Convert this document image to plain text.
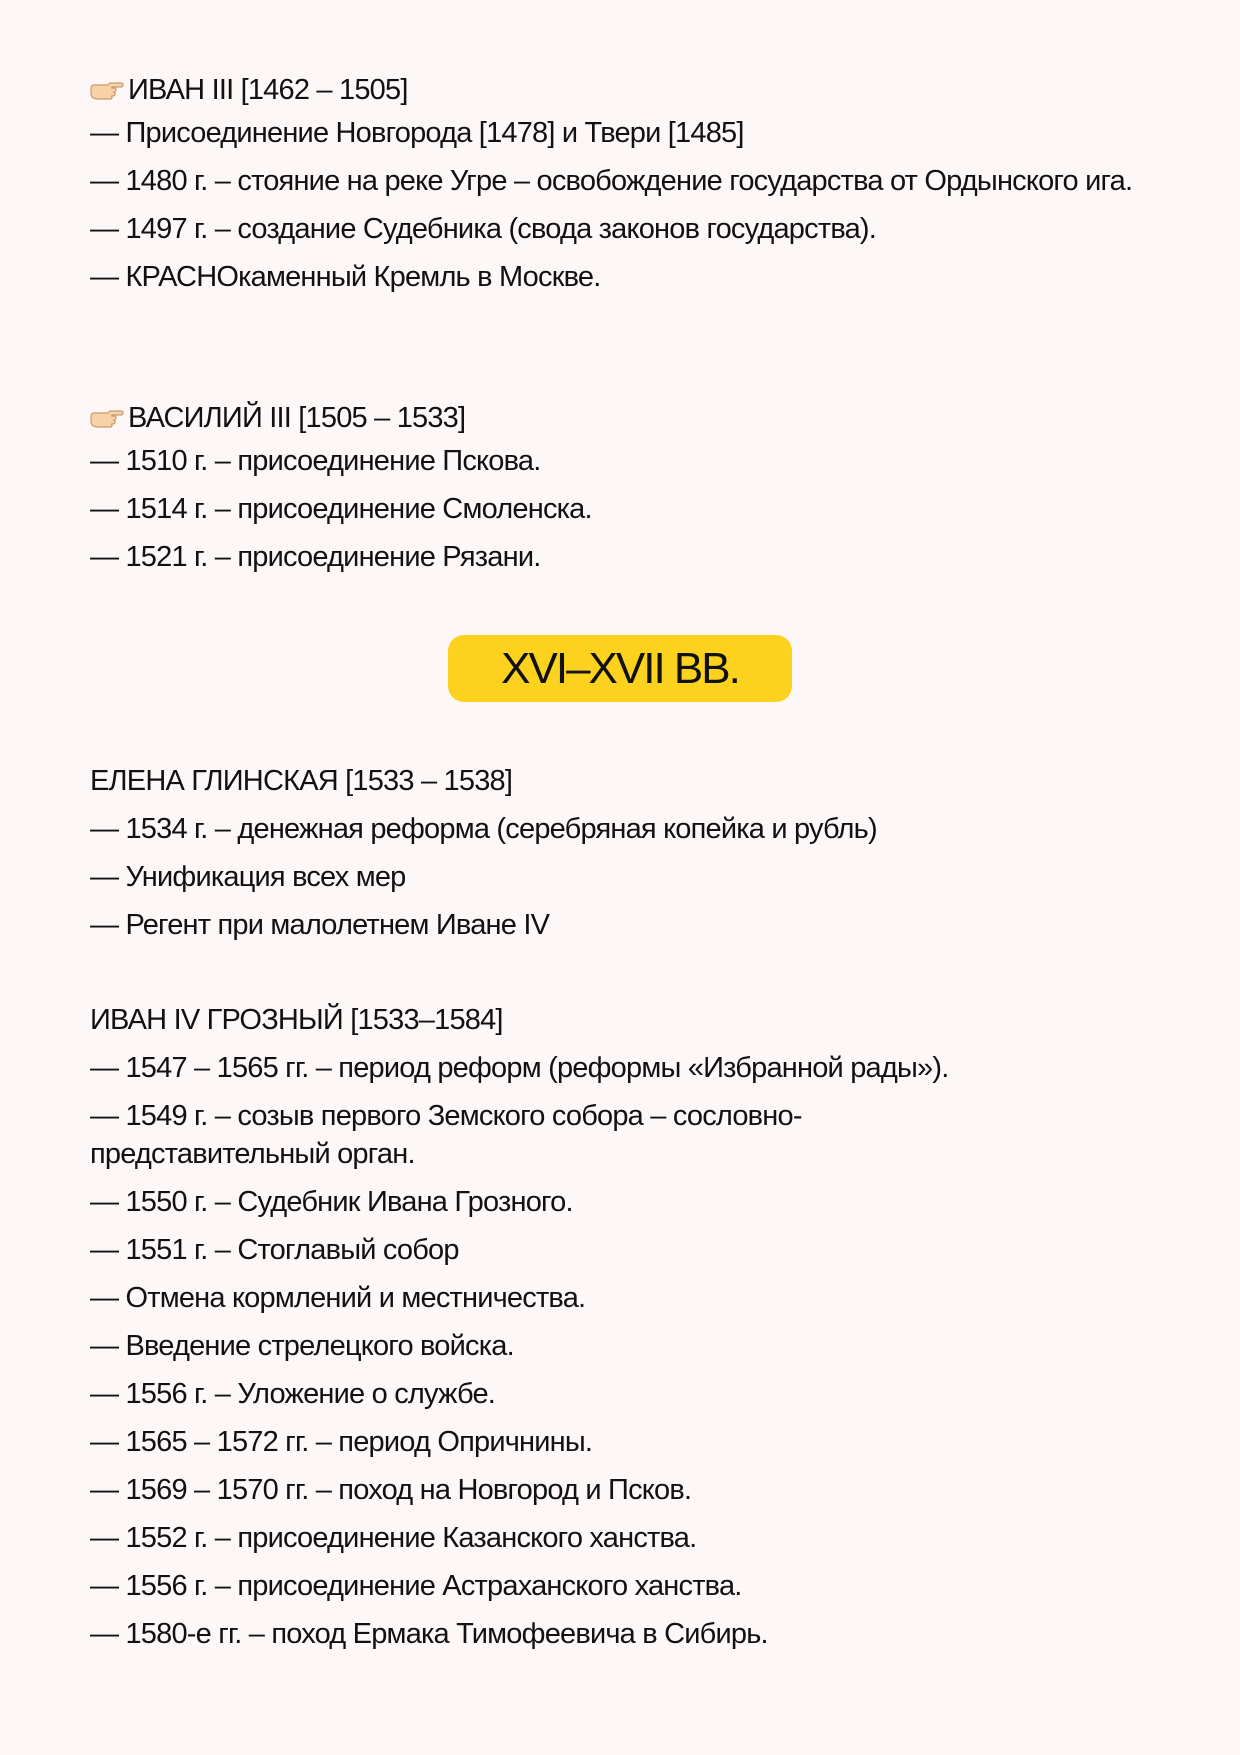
ИВАН III [1462 – 1505]
— Присоединение Новгорода [1478] и Твери [1485]
— 1480 г. – стояние на реке Угре – освобождение государства от Ордынского ига.
— 1497 г. – создание Судебника (свода законов государства).
— КРАСНОкаменный Кремль в Москве.
ВАСИЛИЙ III [1505 – 1533]
— 1510 г. – присоединение Пскова.
— 1514 г. – присоединение Смоленска.
— 1521 г. – присоединение Рязани.
ЕЛЕНА ГЛИНСКАЯ [1533 – 1538]
— 1534 г. – денежная реформа (серебряная копейка и рубль)
— Унификация всех мер
— Регент при малолетнем Иване IV
ИВАН IV ГРОЗНЫЙ [1533–1584]
— 1547 – 1565 гг. – период реформ (реформы «Избранной рады»).
— 1549 г. – созыв первого Земского собора – сословно-представительный орган.
— 1550 г. – Судебник Ивана Грозного.
— 1551 г. – Стоглавый собор
— Отмена кормлений и местничества.
— Введение стрелецкого войска.
— 1556 г. – Уложение о службе.
— 1565 – 1572 гг. – период Опричнины.
— 1569 – 1570 гг. – поход на Новгород и Псков.
— 1552 г. – присоединение Казанского ханства.
— 1556 г. – присоединение Астраханского ханства.
— 1580-е гг. – поход Ермака Тимофеевича в Сибирь.
XVI–XVII ВВ.
